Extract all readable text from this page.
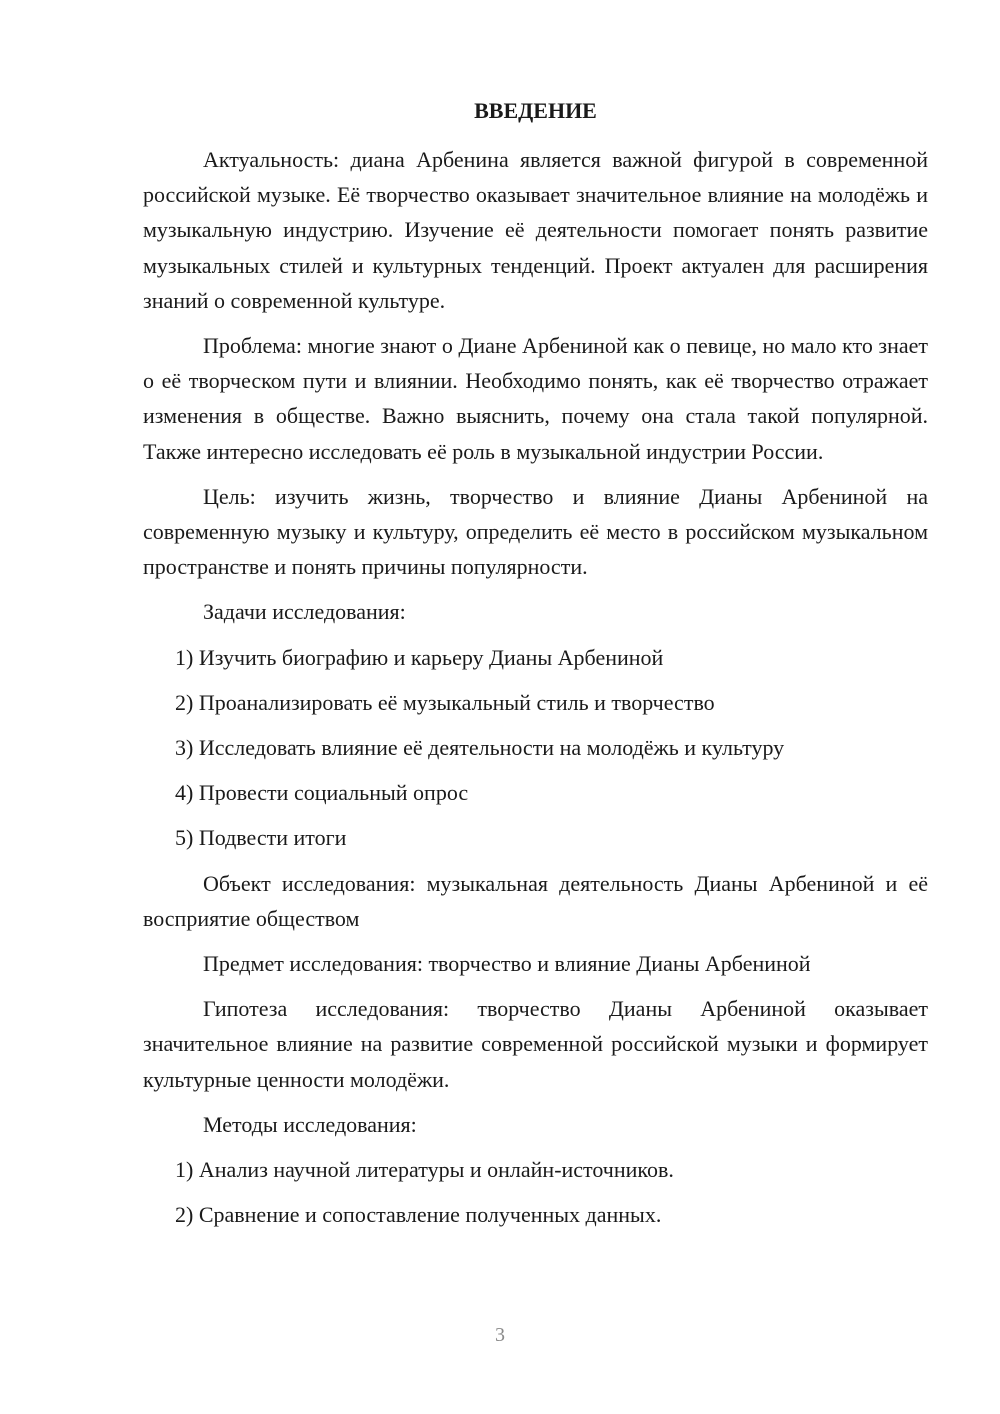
ВВЕДЕНИЕ
Актуальность: диана Арбенина является важной фигурой в современной российской музыке. Её творчество оказывает значительное влияние на молодёжь и музыкальную индустрию. Изучение её деятельности помогает понять развитие музыкальных стилей и культурных тенденций. Проект актуален для расширения знаний о современной культуре.
Проблема: многие знают о Диане Арбениной как о певице, но мало кто знает о её творческом пути и влиянии. Необходимо понять, как её творчество отражает изменения в обществе. Важно выяснить, почему она стала такой популярной. Также интересно исследовать её роль в музыкальной индустрии России.
Цель: изучить жизнь, творчество и влияние Дианы Арбениной на современную музыку и культуру, определить её место в российском музыкальном пространстве и понять причины популярности.
Задачи исследования:
1) Изучить биографию и карьеру Дианы Арбениной
2) Проанализировать её музыкальный стиль и творчество
3) Исследовать влияние её деятельности на молодёжь и культуру
4) Провести социальный опрос
5) Подвести итоги
Объект исследования: музыкальная деятельность Дианы Арбениной и её восприятие обществом
Предмет исследования: творчество и влияние Дианы Арбениной
Гипотеза исследования: творчество Дианы Арбениной оказывает значительное влияние на развитие современной российской музыки и формирует культурные ценности молодёжи.
Методы исследования:
1) Анализ научной литературы и онлайн-источников.
2) Сравнение и сопоставление полученных данных.
3
